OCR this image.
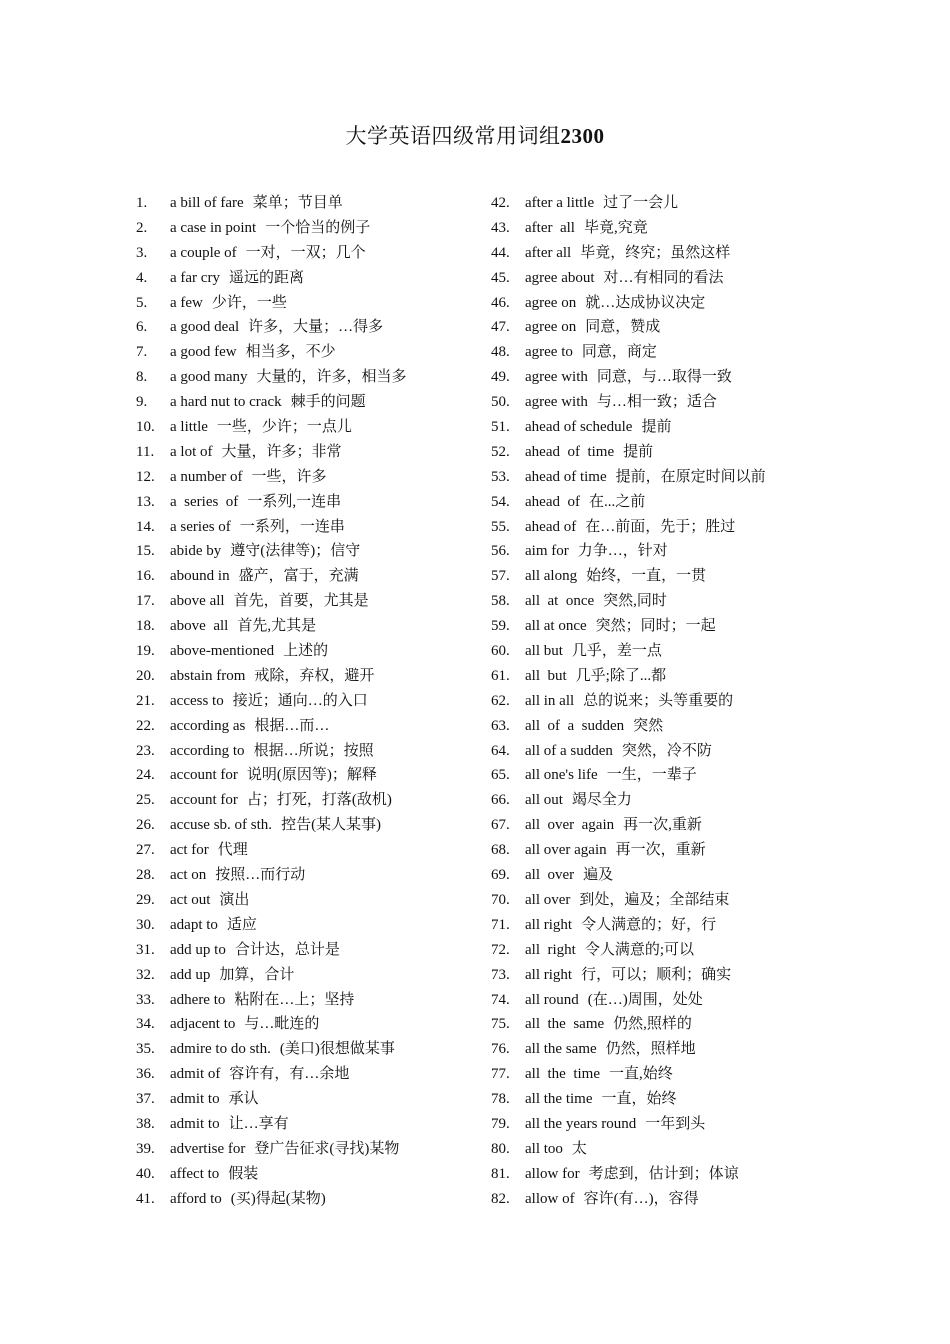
大学英语四级常用词组2300
1.	a bill of fare 菜单；节目单
2.	a case in point 一个恰当的例子
3.	a couple of 一对，一双；几个
4.	a far cry 遥远的距离
5.	a few 少许，一些
6.	a good deal 许多，大量；…得多
7.	a good few 相当多，不少
8.	a good many 大量的，许多，相当多
9.	a hard nut to crack 棘手的问题
10.	a little 一些，少许；一点儿
11.	a lot of 大量，许多；非常
12.	a number of 一些，许多
13.	a  series  of 一系列,一连串
14.	a series of 一系列，一连串
15.	abide by 遵守(法律等)；信守
16.	abound in 盛产，富于，充满
17.	above all 首先，首要，尤其是
18.	above  all 首先,尤其是
19.	above-mentioned 上述的
20.	abstain from 戒除，弃权，避开
21.	access to 接近；通向…的入口
22.	according as 根据…而…
23.	according to 根据…所说；按照
24.	account for 说明(原因等)；解释
25.	account for 占；打死，打落(敌机)
26.	accuse sb. of sth. 控告(某人某事)
27.	act for 代理
28.	act on 按照…而行动
29.	act out 演出
30.	adapt to 适应
31.	add up to 合计达，总计是
32.	add up 加算，合计
33.	adhere to 粘附在…上；坚持
34.	adjacent to 与…毗连的
35.	admire to do sth. (美口)很想做某事
36.	admit of 容许有，有…余地
37.	admit to 承认
38.	admit to 让…享有
39.	advertise for 登广告征求(寻找)某物
40.	affect to 假装
41.	afford to (买)得起(某物)
42.	after a little 过了一会儿
43.	after  all 毕竟,究竟
44.	after all 毕竟，终究；虽然这样
45.	agree about 对…有相同的看法
46.	agree on 就…达成协议决定
47.	agree on 同意，赞成
48.	agree to 同意，商定
49.	agree with 同意，与…取得一致
50.	agree with 与…相一致；适合
51.	ahead of schedule 提前
52.	ahead  of  time 提前
53.	ahead of time 提前，在原定时间以前
54.	ahead  of 在...之前
55.	ahead of 在…前面，先于；胜过
56.	aim for 力争…，针对
57.	all along 始终，一直，一贯
58.	all  at  once 突然,同时
59.	all at once 突然；同时；一起
60.	all but 几乎，差一点
61.	all  but 几乎;除了...都
62.	all in all 总的说来；头等重要的
63.	all  of  a  sudden 突然
64.	all of a sudden 突然，冷不防
65.	all one's life 一生，一辈子
66.	all out 竭尽全力
67.	all  over  again 再一次,重新
68.	all over again 再一次，重新
69.	all  over 遍及
70.	all over 到处，遍及；全部结束
71.	all right 令人满意的；好，行
72.	all  right 令人满意的;可以
73.	all right 行，可以；顺利；确实
74.	all round (在…)周围，处处
75.	all  the  same 仍然,照样的
76.	all the same 仍然，照样地
77.	all  the  time 一直,始终
78.	all the time 一直，始终
79.	all the years round 一年到头
80.	all too 太
81.	allow for 考虑到，估计到；体谅
82.	allow of 容许(有…)，容得
